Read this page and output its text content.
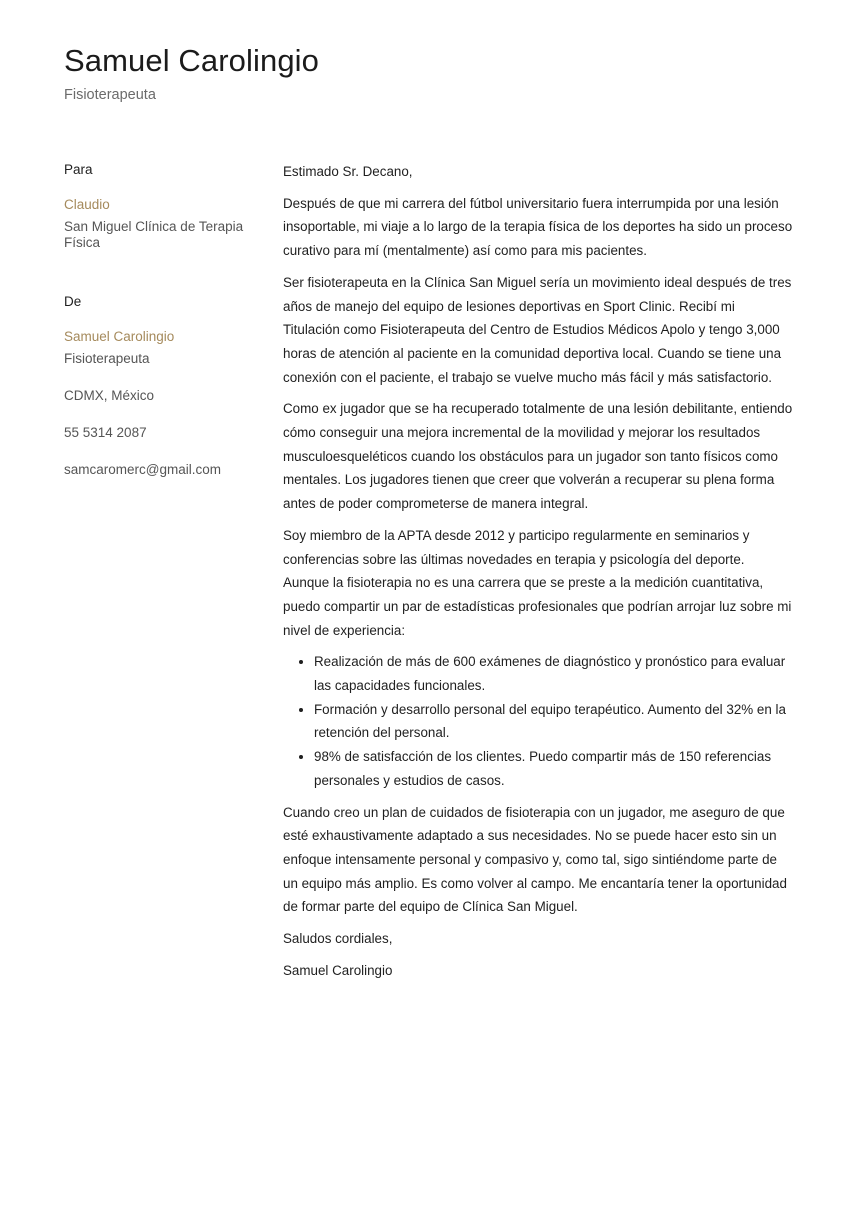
Samuel Carolingio
Fisioterapeuta
Para
Claudio
San Miguel Clínica de Terapia Física
De
Samuel Carolingio
Fisioterapeuta
CDMX, México
55 5314 2087
samcaromerc@gmail.com

Estimado Sr. Decano,

Después de que mi carrera del fútbol universitario fuera interrumpida por una lesión insoportable, mi viaje a lo largo de la terapia física de los deportes ha sido un proceso curativo para mí (mentalmente) así como para mis pacientes.

Ser fisioterapeuta en la Clínica San Miguel sería un movimiento ideal después de tres años de manejo del equipo de lesiones deportivas en Sport Clinic. Recibí mi Titulación como Fisioterapeuta del Centro de Estudios Médicos Apolo y tengo 3,000 horas de atención al paciente en la comunidad deportiva local. Cuando se tiene una conexión con el paciente, el trabajo se vuelve mucho más fácil y más satisfactorio.

Como ex jugador que se ha recuperado totalmente de una lesión debilitante, entiendo cómo conseguir una mejora incremental de la movilidad y mejorar los resultados musculoesqueléticos cuando los obstáculos para un jugador son tanto físicos como mentales. Los jugadores tienen que creer que volverán a recuperar su plena forma antes de poder comprometerse de manera integral.

Soy miembro de la APTA desde 2012 y participo regularmente en seminarios y conferencias sobre las últimas novedades en terapia y psicología del deporte. Aunque la fisioterapia no es una carrera que se preste a la medición cuantitativa, puedo compartir un par de estadísticas profesionales que podrían arrojar luz sobre mi nivel de experiencia:

• Realización de más de 600 exámenes de diagnóstico y pronóstico para evaluar las capacidades funcionales.
• Formación y desarrollo personal del equipo terapéutico. Aumento del 32% en la retención del personal.
• 98% de satisfacción de los clientes. Puedo compartir más de 150 referencias personales y estudios de casos.

Cuando creo un plan de cuidados de fisioterapia con un jugador, me aseguro de que esté exhaustivamente adaptado a sus necesidades. No se puede hacer esto sin un enfoque intensamente personal y compasivo y, como tal, sigo sintiéndome parte de un equipo más amplio. Es como volver al campo. Me encantaría tener la oportunidad de formar parte del equipo de Clínica San Miguel.

Saludos cordiales,

Samuel Carolingio
